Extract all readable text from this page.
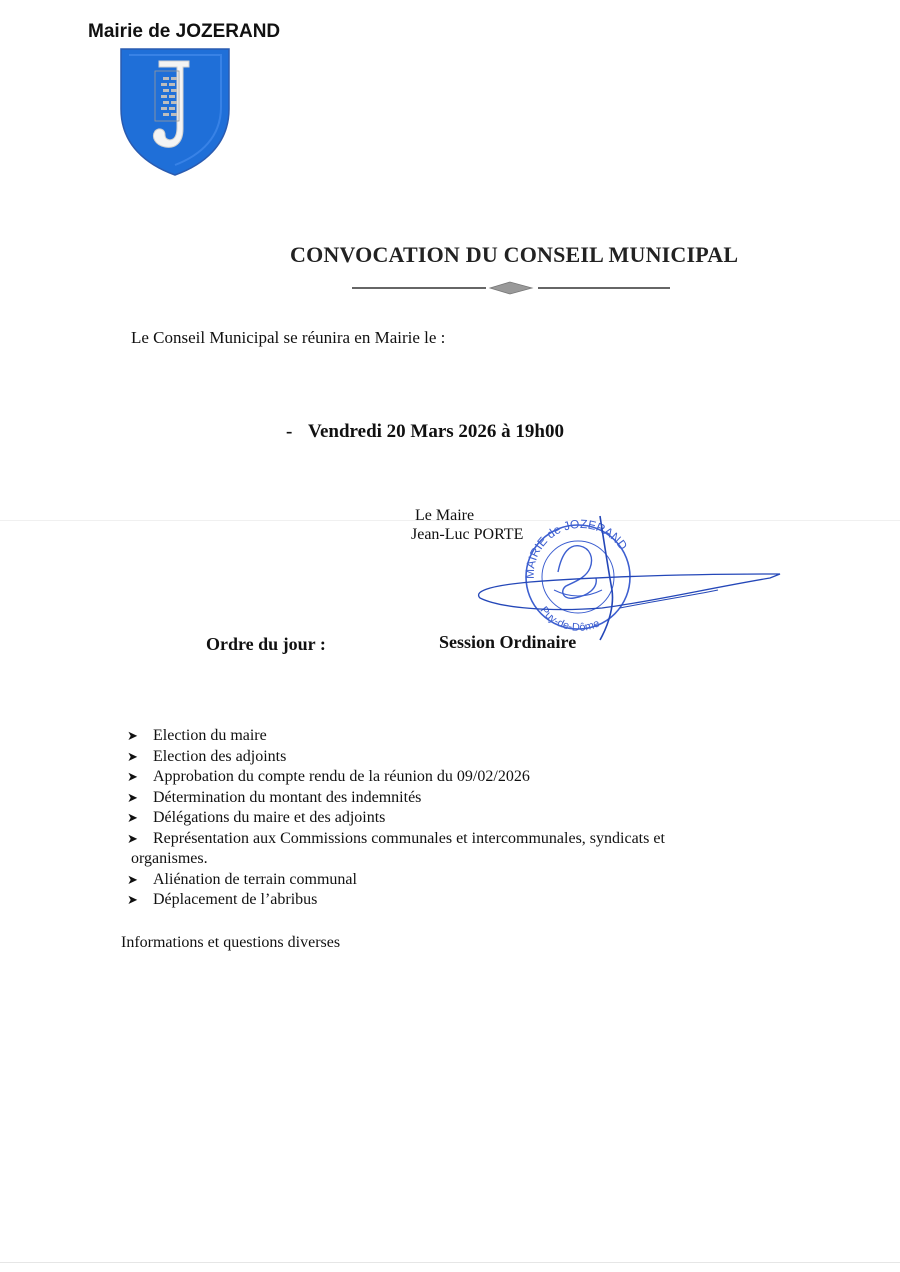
Mairie de JOZERAND
CONVOCATION DU CONSEIL MUNICIPAL
Le Conseil Municipal se réunira en Mairie le :
- Vendredi 20 Mars 2026 à 19h00
Le Maire
Jean-Luc PORTE
MAIRIE de JOZERAND
Puy-de-Dôme
Ordre du jour :	Session Ordinaire
➤ Election du maire
➤ Election des adjoints
➤ Approbation du compte rendu de la réunion du 09/02/2026
➤ Détermination du montant des indemnités
➤ Délégations du maire et des adjoints
➤ Représentation aux Commissions communales et intercommunales, syndicats et
organismes.
➤ Aliénation de terrain communal
➤ Déplacement de l’abribus
Informations et questions diverses
